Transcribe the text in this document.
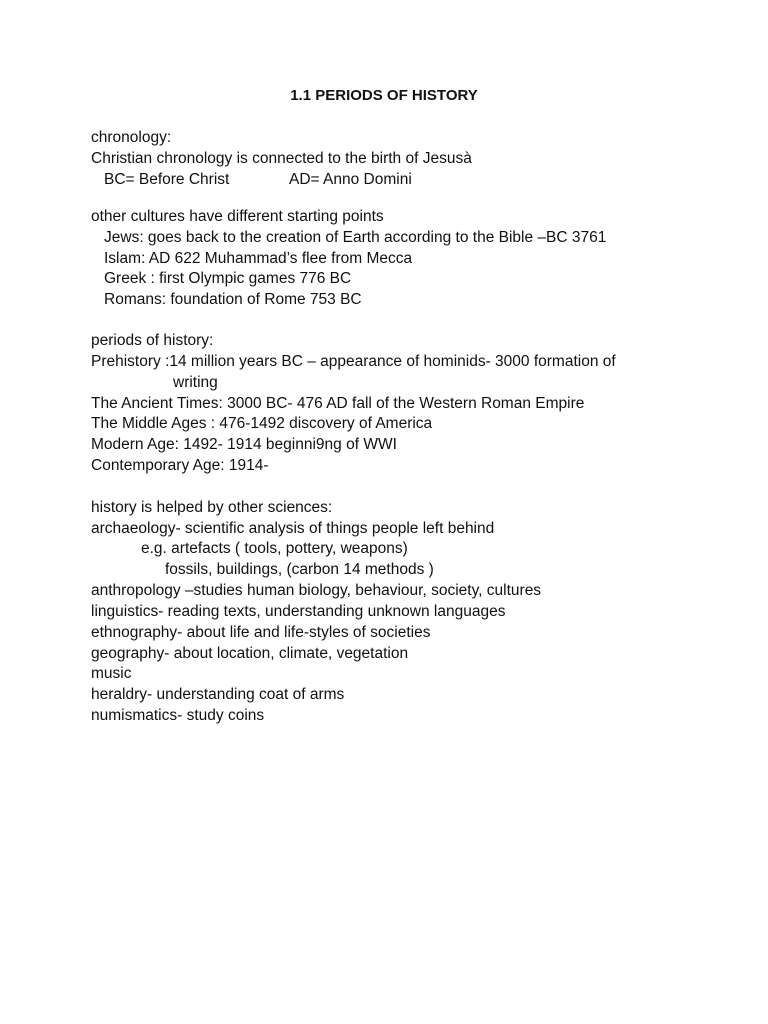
1.1 PERIODS OF HISTORY
chronology:
Christian chronology is connected to the birth of Jesusà
BC= Before Christ	AD= Anno Domini
other cultures have different starting points
Jews: goes back to the creation of Earth according to the Bible –BC 3761
Islam: AD 622 Muhammad’s flee from Mecca
Greek : first Olympic games 776 BC
Romans: foundation of Rome 753 BC
periods of history:
Prehistory :14 million years BC – appearance of hominids- 3000 formation of
writing
The Ancient Times: 3000 BC- 476 AD fall of the Western Roman Empire
The Middle Ages : 476-1492 discovery of America
Modern Age: 1492- 1914 beginni9ng of WWI
Contemporary Age: 1914-
history is helped by other sciences:
archaeology- scientific analysis of things people left behind
e.g. artefacts ( tools, pottery, weapons)
fossils, buildings, (carbon 14 methods )
anthropology –studies human biology, behaviour, society, cultures
linguistics- reading texts, understanding unknown languages
ethnography- about life and life-styles of societies
geography- about location, climate, vegetation
music
heraldry- understanding coat of arms
numismatics- study coins
